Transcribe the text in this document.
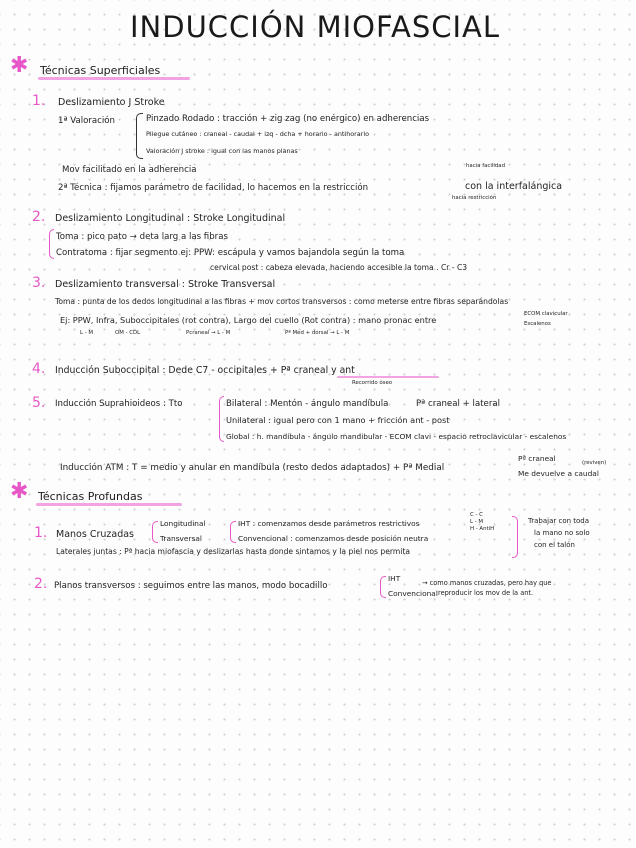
INDUCCIÓN MIOFASCIAL
✱ Técnicas Superficiales
1. Deslizamiento J Stroke
1ª Valoración	Pinzado Rodado : tracción + zig zag (no enérgico) en adherencias
Pliegue cutáneo : craneal - caudal + izq - dcha + horario - antihorario
Valoración J stroke : igual con las manos planas
Mov facilitado en la adherencia
2ª Técnica : fijamos parámetro de facilidad, lo hacemos en la restricción
hacia facilidad
hacia restricción
con la interfalángica
2. Deslizamiento Longitudinal : Stroke Longitudinal
Toma : pico pato → deta larg a las fibras
Contratoma : fijar segmento ej: PPW: escápula y vamos bajandola según la toma
cervical post : cabeza elevada, haciendo accesible la toma . Cr - C3
3. Deslizamiento transversal : Stroke Transversal
Toma : punta de los dedos longitudinal a las fibras + mov cortos transversos : como meterse entre fibras separándolas
Ej: PPW, Infra, Suboccipitales (rot contra), Largo del cuello (Rot contra) : mano pronac entre
ECOM clavicular
Escalenos
L - M	OM - CDL	Pcraneal → L - M	Pª Med + dorsal → L - M
4. Inducción Suboccipital : Dede C7 - occipitales + Pª craneal y ant
Recorrido óseo
5. Inducción Suprahioideos : Tto	Bilateral : Mentón - ángulo mandíbula	Pª craneal + lateral
Unilateral : igual pero con 1 mano + fricción ant - post
Global : h. mandíbula - ángulo mandibular - ECOM clavi - espacio retroclavicular - escalenos
Inducción ATM : T = medio y anular en mandíbula (resto dedos adaptados) + Pª Medial
Pª craneal	(reviven)
Me devuelve a caudal
✱ Técnicas Profundas
1. Manos Cruzadas
Longitudinal
Transversal
IHT : comenzamos desde parámetros restrictivos
Convencional : comenzamos desde posición neutra
C - C
L - M
H - AntiH
Laterales juntas : Pª hacia miofascia y deslizarlas hasta donde sintamos y la piel nos permita
Trabajar con toda
la mano no solo
con el talón
2. Planos transversos : seguimos entre las manos, modo bocadillo
IHT
Convencional
→ como manos cruzadas, pero hay que
reproducir los mov de la ant.
